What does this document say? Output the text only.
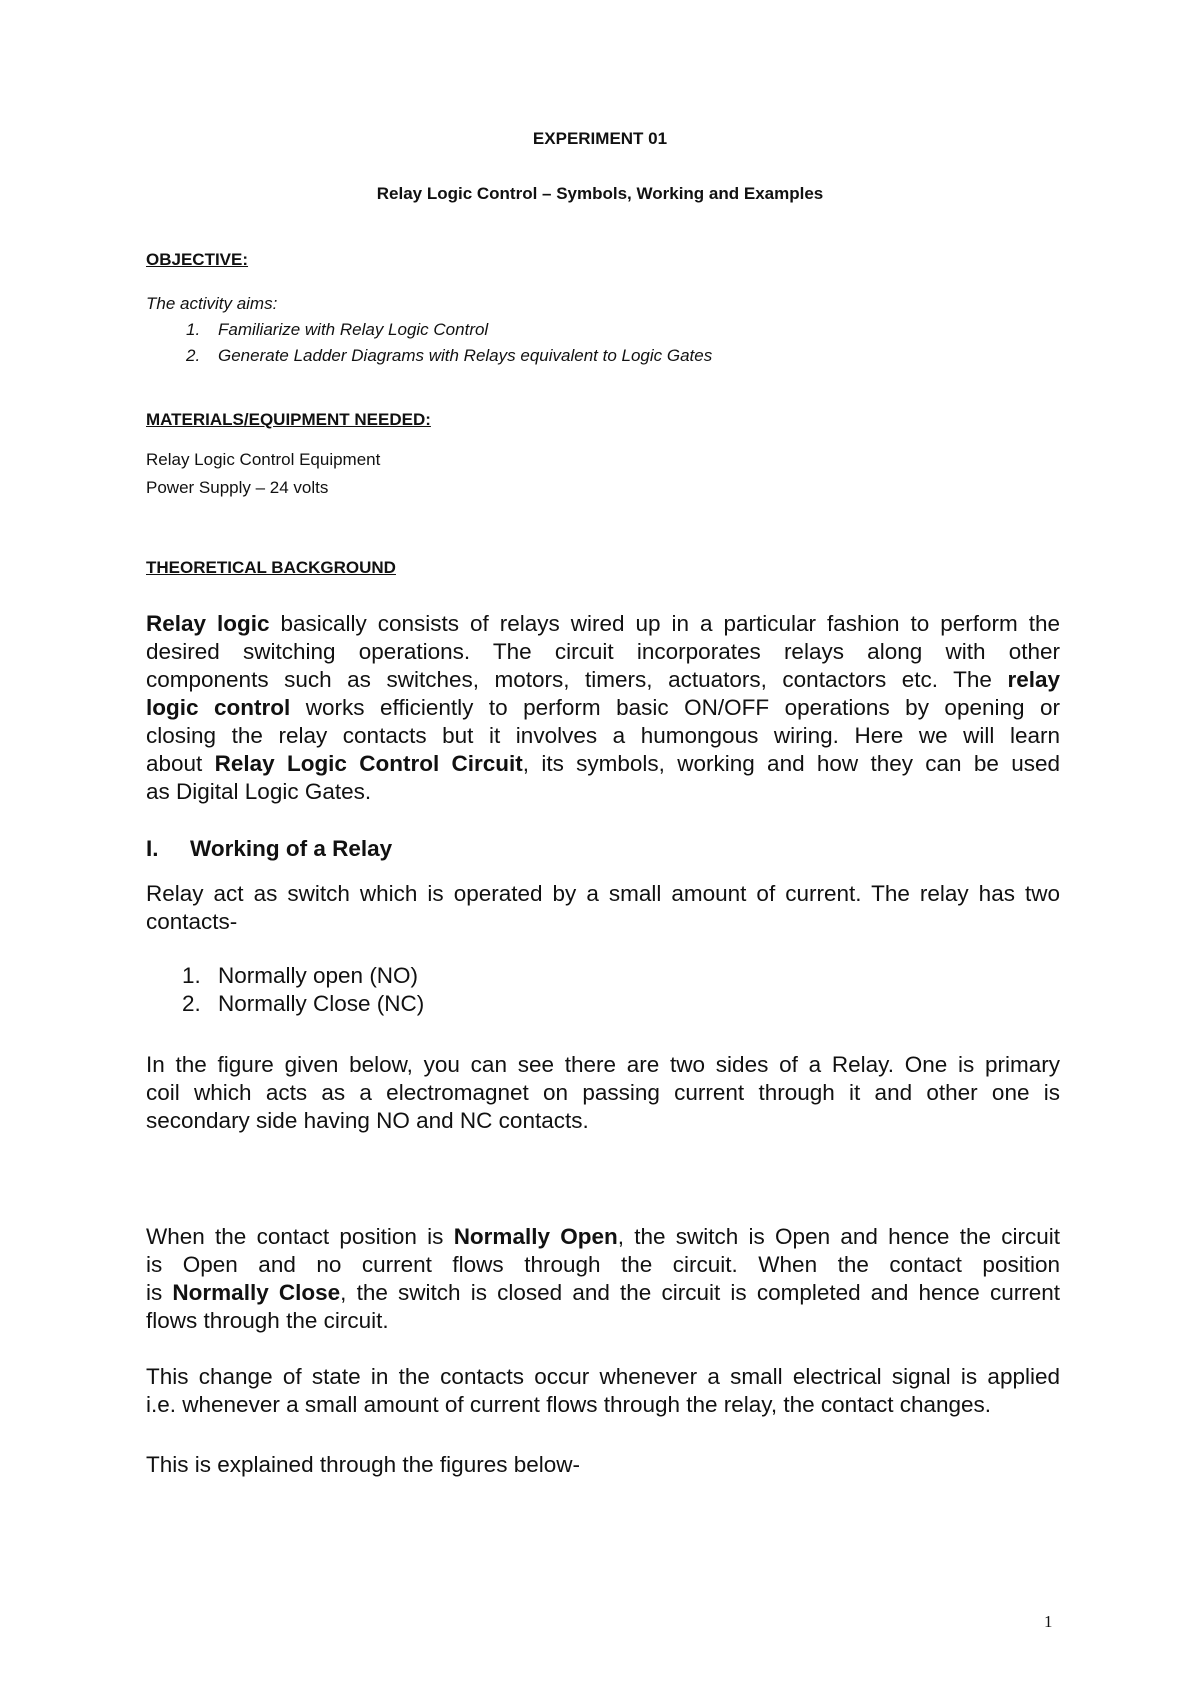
EXPERIMENT 01
Relay Logic Control – Symbols, Working and Examples
OBJECTIVE:
The activity aims:
1. Familiarize with Relay Logic Control
2. Generate Ladder Diagrams with Relays equivalent to Logic Gates
MATERIALS/EQUIPMENT NEEDED:
Relay Logic Control Equipment
Power Supply – 24 volts
THEORETICAL BACKGROUND
Relay logic basically consists of relays wired up in a particular fashion to perform the
desired switching operations. The circuit incorporates relays along with other
components such as switches, motors, timers, actuators, contactors etc. The relay
logic control works efficiently to perform basic ON/OFF operations by opening or
closing the relay contacts but it involves a humongous wiring. Here we will learn
about Relay Logic Control Circuit, its symbols, working and how they can be used
as Digital Logic Gates.
I. Working of a Relay
Relay act as switch which is operated by a small amount of current. The relay has two
contacts-
1. Normally open (NO)
2. Normally Close (NC)
In the figure given below, you can see there are two sides of a Relay. One is primary
coil which acts as a electromagnet on passing current through it and other one is
secondary side having NO and NC contacts.
When the contact position is Normally Open, the switch is Open and hence the circuit
is Open and no current flows through the circuit. When the contact position
is Normally Close, the switch is closed and the circuit is completed and hence current
flows through the circuit.
This change of state in the contacts occur whenever a small electrical signal is applied
i.e. whenever a small amount of current flows through the relay, the contact changes.
This is explained through the figures below-
1
